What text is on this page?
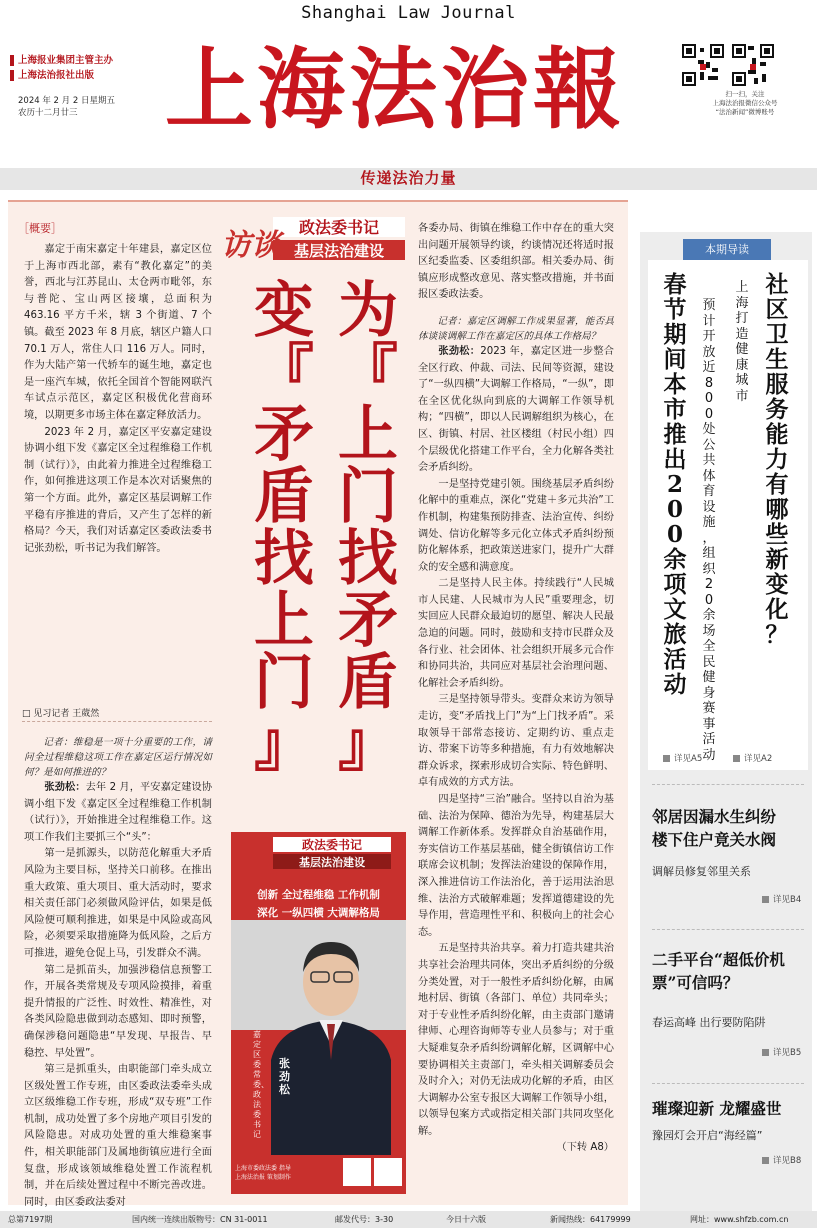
Shanghai Law Journal
上海报业集团主管主办
上海法治报社出版
2024 年 2 月 2 日星期五
农历十二月廿三 上海法治報	扫一扫，关注
上海法治报微信公众号
“法治新闻”微博账号
传递法治力量
［概要］

嘉定于南宋嘉定十年建县，嘉定区位于上海市西北部，素有“教化嘉定”的美誉，西北与江苏昆山、太仓两市毗邻，东与普陀、宝山两区接壤，总面积为 463.16 平方千米，辖 3 个街道、7 个镇。截至 2023 年 8 月底，辖区户籍人口 70.1 万人，常住人口 116 万人。同时，作为大陆产第一代轿车的诞生地，嘉定也是一座汽车城，依托全国首个智能网联汽车试点示范区，嘉定区积极优化营商环境，以期更多市场主体在嘉定释放活力。

2023 年 2 月，嘉定区平安嘉定建设协调小组下发《嘉定区全过程维稳工作机制（试行）》，由此着力推进全过程维稳工作，如何推进这项工作是本次对话聚焦的第一个方面。此外，嘉定区基层调解工作平稳有序推进的背后，又产生了怎样的新格局？今天，我们对话嘉定区委政法委书记张劲松，听书记为我们解答。

□ 见习记者 王葳然

记者：维稳是一项十分重要的工作，请问全过程维稳这项工作在嘉定区运行情况如何？是如何推进的？

张劲松：去年 2 月，平安嘉定建设协调小组下发《嘉定区全过程维稳工作机制（试行）》，开始推进全过程维稳工作。这项工作我们主要抓三个“头”：

第一是抓源头，以防范化解重大矛盾风险为主要目标，坚持关口前移。在推出重大政策、重大项目、重大活动时，要求相关责任部门必须做风险评估，如果是低风险便可顺利推进，如果是中风险或高风险，必须要采取措施降为低风险，之后方可推进，避免仓促上马，引发群众不满。

第二是抓苗头，加强涉稳信息预警工作，开展各类常规及专项风险摸排，着重提升情报的广泛性、时效性、精准性，对各类风险隐患做到动态感知、即时预警，确保涉稳问题隐患“早发现、早报告、早稳控、早处置”。

第三是抓重头，由职能部门牵头成立区级处置工作专班，由区委政法委牵头成立区级维稳工作专班，形成“双专班”工作机制，成功处置了多个房地产项目引发的风险隐患。对成功处置的重大维稳案事件，相关职能部门及属地街镇应进行全面复盘，形成该领域维稳处置工作流程机制，并在后续处置过程中不断完善改进。同时，由区委政法委对

政法委书记
基层法治建设
访谈
为
『
上
门
找
矛
盾
』
变
『
矛
盾
找
上
门
』
政法委书记
基层法治建设
创新 全过程维稳 工作机制
深化 一纵四横 大调解格局
嘉定区委常委、政法委书记
张劲松
上海市委政法委 指导
上海法治报 策划制作

各委办局、街镇在维稳工作中存在的重大突出问题开展领导约谈，约谈情况还将适时报区纪委监委、区委组织部。相关委办局、街镇应形成整改意见、落实整改措施，并书面报区委政法委。

记者：嘉定区调解工作成果显著，能否具体谈谈调解工作在嘉定区的具体工作格局？

张劲松：2023 年，嘉定区进一步整合全区行政、仲裁、司法、民间等资源，建设了“一纵四横”大调解工作格局，“一纵”，即在全区优化纵向到底的大调解工作领导机构；“四横”，即以人民调解组织为核心，在区、街镇、村居、社区楼组（村民小组）四个层级优化搭建工作平台，全力化解各类社会矛盾纠纷。

一是坚持党建引领。围绕基层矛盾纠纷化解中的重难点，深化“党建＋多元共治”工作机制，构建集预防排查、法治宣传、纠纷调处、信访化解等多元化立体式矛盾纠纷预防化解体系，把政策送进家门，提升广大群众的安全感和满意度。

二是坚持人民主体。持续践行“人民城市人民建、人民城市为人民”重要理念，切实回应人民群众最迫切的愿望、解决人民最急迫的问题。同时，鼓励和支持市民群众及各行业、社会团体、社会组织开展多元合作和协同共治，共同应对基层社会治理问题、化解社会矛盾纠纷。

三是坚持领导带头。变群众来访为领导走访，变“矛盾找上门”为“上门找矛盾”。采取领导干部常态接访、定期约访、重点走访、带案下访等多种措施，有力有效地解决群众诉求，探索形成切合实际、特色鲜明、卓有成效的方式方法。

四是坚持“三治”融合。坚持以自治为基础、法治为保障、德治为先导，构建基层大调解工作新体系。发挥群众自治基础作用，夯实信访工作基层基础，健全街镇信访工作联席会议机制；发挥法治建设的保障作用，深入推进信访工作法治化，善于运用法治思维、法治方式破解难题；发挥道德建设的先导作用，营造理性平和、积极向上的社会心态。

五是坚持共治共享。着力打造共建共治共享社会治理共同体，突出矛盾纠纷的分级分类处置，对于一般性矛盾纠纷化解，由属地村居、街镇（各部门、单位）共同牵头；对于专业性矛盾纠纷化解，由主责部门邀请律师、心理咨询师等专业人员参与；对于重大疑难复杂矛盾纠纷调解化解，区调解中心要协调相关主责部门，牵头相关调解委员会及时介入；对仍无法成功化解的矛盾，由区大调解办公室专报区大调解工作领导小组，以领导包案方式或指定相关部门共同攻坚化解。

（下转 A8）

本期导读
社
区
卫
生
服
务
能
力
有
哪
些
新
变
化
？
上
海
打
造
健
康
城
市
预
计
开
放
近
8
0
0
处
公
共
体
育
设
施
，
组
织
2
0
余
场
全
民
健
身
赛
事
活
动
春
节
期
间
本
市
推
出
2
0
0
余
项
文
旅
活
动
详见A5	详见A2
邻居因漏水生纠纷
楼下住户竟关水阀
调解员修复邻里关系
详见B4
二手平台“超低价机
票”可信吗？
春运高峰 出行要防陷阱
详见B5
璀璨迎新 龙耀盛世
豫园灯会开启“海经篇”
详见B8
总第7197期	国内统一连续出版物号：CN 31-0011	邮发代号：3-30	今日十六版	新闻热线：64179999	网址：www.shfzb.com.cn
